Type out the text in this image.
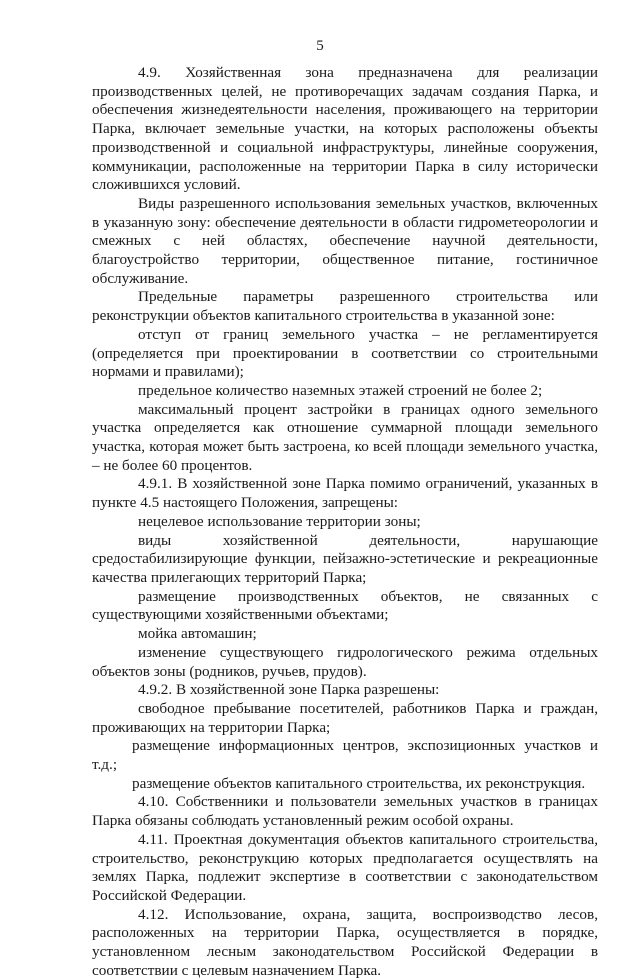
5

4.9. Хозяйственная зона предназначена для реализации производственных целей, не противоречащих задачам создания Парка, и обеспечения жизнедеятельности населения, проживающего на территории Парка, включает земельные участки, на которых расположены объекты производственной и социальной инфраструктуры, линейные сооружения, коммуникации, расположенные на территории Парка в силу исторически сложившихся условий.

Виды разрешенного использования земельных участков, включенных в указанную зону: обеспечение деятельности в области гидрометеорологии и смежных с ней областях, обеспечение научной деятельности, благоустройство территории, общественное питание, гостиничное обслуживание.

Предельные параметры разрешенного строительства или реконструкции объектов капитального строительства в указанной зоне:

отступ от границ земельного участка – не регламентируется (определяется при проектировании в соответствии со строительными нормами и правилами);

предельное количество наземных этажей строений не более 2;

максимальный процент застройки в границах одного земельного участка определяется как отношение суммарной площади земельного участка, которая может быть застроена, ко всей площади земельного участка, – не более 60 процентов.

4.9.1. В хозяйственной зоне Парка помимо ограничений, указанных в пункте 4.5 настоящего Положения, запрещены:

нецелевое использование территории зоны;

виды хозяйственной деятельности, нарушающие средостабилизирующие функции, пейзажно-эстетические и рекреационные качества прилегающих территорий Парка;

размещение производственных объектов, не связанных с существующими хозяйственными объектами;

мойка автомашин;

изменение существующего гидрологического режима отдельных объектов зоны (родников, ручьев, прудов).

4.9.2. В хозяйственной зоне Парка разрешены:

свободное пребывание посетителей, работников Парка и граждан, проживающих на территории Парка;

размещение информационных центров, экспозиционных участков и т.д.;

размещение объектов капитального строительства, их реконструкция.

4.10. Собственники и пользователи земельных участков в границах Парка обязаны соблюдать установленный режим особой охраны.

4.11. Проектная документация объектов капитального строительства, строительство, реконструкцию которых предполагается осуществлять на землях Парка, подлежит экспертизе в соответствии с законодательством Российской Федерации.

4.12. Использование, охрана, защита, воспроизводство лесов, расположенных на территории Парка, осуществляется в порядке, установленном лесным законодательством Российской Федерации в соответствии с целевым назначением Парка.
